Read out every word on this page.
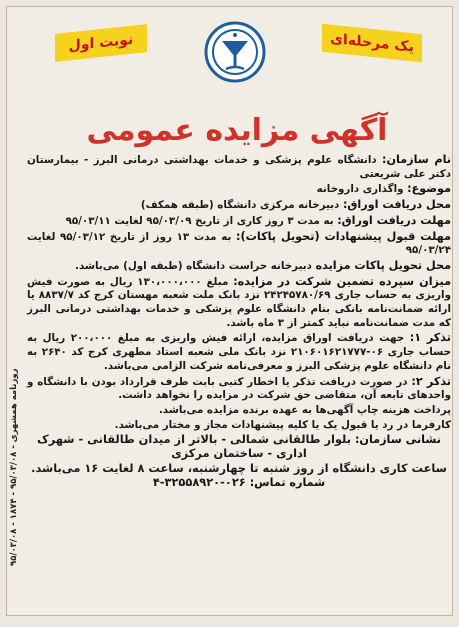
روزنامه همشهری - ۹۵/۰۳/۰۸ - ۱۸۷۴ - ۹۵/۰۳/۰۸
نوبت اول	یک مرحله‌ای
آگهی مزایده عمومی

نام سازمان: دانشگاه علوم پزشکی و خدمات بهداشتی درمانی البرز - بیمارستان دکتر علی شریعتی

موضوع: واگذاری داروخانه

محل دریافت اوراق: دبیرخانه مرکزی دانشگاه (طبقه همکف)

مهلت دریافت اوراق: به مدت ۳ روز کاری از تاریخ ۹۵/۰۳/۰۹ لغایت ۹۵/۰۳/۱۱

مهلت قبول پیشنهادات (تحویل پاکات): به مدت ۱۳ روز از تاریخ ۹۵/۰۳/۱۲ لغایت ۹۵/۰۳/۲۴

محل تحویل پاکات مزایده دبیرخانه حراست دانشگاه (طبقه اول) می‌باشد.

میزان سپرده تضمین شرکت در مزایده: مبلغ ۱۳۰،۰۰۰،۰۰۰ ریال به صورت فیش واریزی به حساب جاری ۲۴۲۴۵۷۸۰/۶۹ نزد بانک ملت شعبه مهستان کرج کد ۸۸۳۷/۷ یا ارائه ضمانت‌نامه بانکی بنام دانشگاه علوم پزشکی و خدمات بهداشتی درمانی البرز که مدت ضمانت‌نامه نباید کمتر از ۳ ماه باشد.

تذکر ۱: جهت دریافت اوراق مزایده، ارائه فیش واریزی به مبلغ ۲۰۰،۰۰۰ ریال به حساب جاری ۰۶-۲۱۰۶۰۱۶۲۱۷۷۷ نزد بانک ملی شعبه استاد مطهری کرج کد ۲۶۴۰ به نام دانشگاه علوم پزشکی البرز و معرفی‌نامه شرکت الزامی می‌باشد.

تذکر ۲: در صورت دریافت تذکر یا اخطار کتبی بابت طرف قرارداد بودن با دانشگاه و واحدهای تابعه آن، متقاضی حق شرکت در مزایده را نخواهد داشت.

پرداخت هزینه چاپ آگهی‌ها به عهده برنده مزایده می‌باشد.

کارفرما در رد یا قبول یک یا کلیه پیشنهادات مجاز و مختار می‌باشد.

نشانی سازمان: بلوار طالقانی شمالی - بالاتر از میدان طالقانی - شهرک اداری - ساختمان مرکزی

ساعت کاری دانشگاه از روز شنبه تا چهارشنبه، ساعت ۸ لغایت ۱۶ می‌باشد.

شماره تماس: ۰۲۶-۳۲۵۵۸۹۲۰-۴
